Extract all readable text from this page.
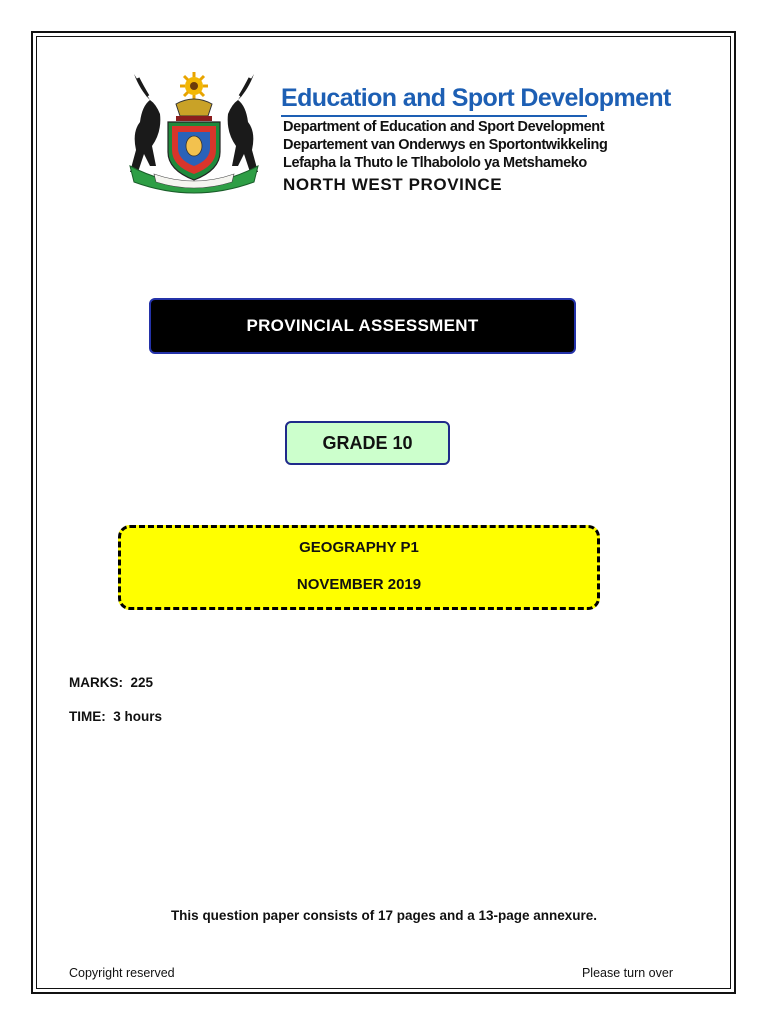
Education and Sport Development
Department of Education and Sport Development
Departement van Onderwys en Sportontwikkeling
Lefapha la Thuto le Tlhabololo ya Metshameko
NORTH WEST PROVINCE
PROVINCIAL ASSESSMENT
GRADE 10
GEOGRAPHY P1
NOVEMBER 2019
MARKS:  225
TIME:  3 hours
This question paper consists of 17 pages and a 13-page annexure.
Copyright reserved	Please turn over
